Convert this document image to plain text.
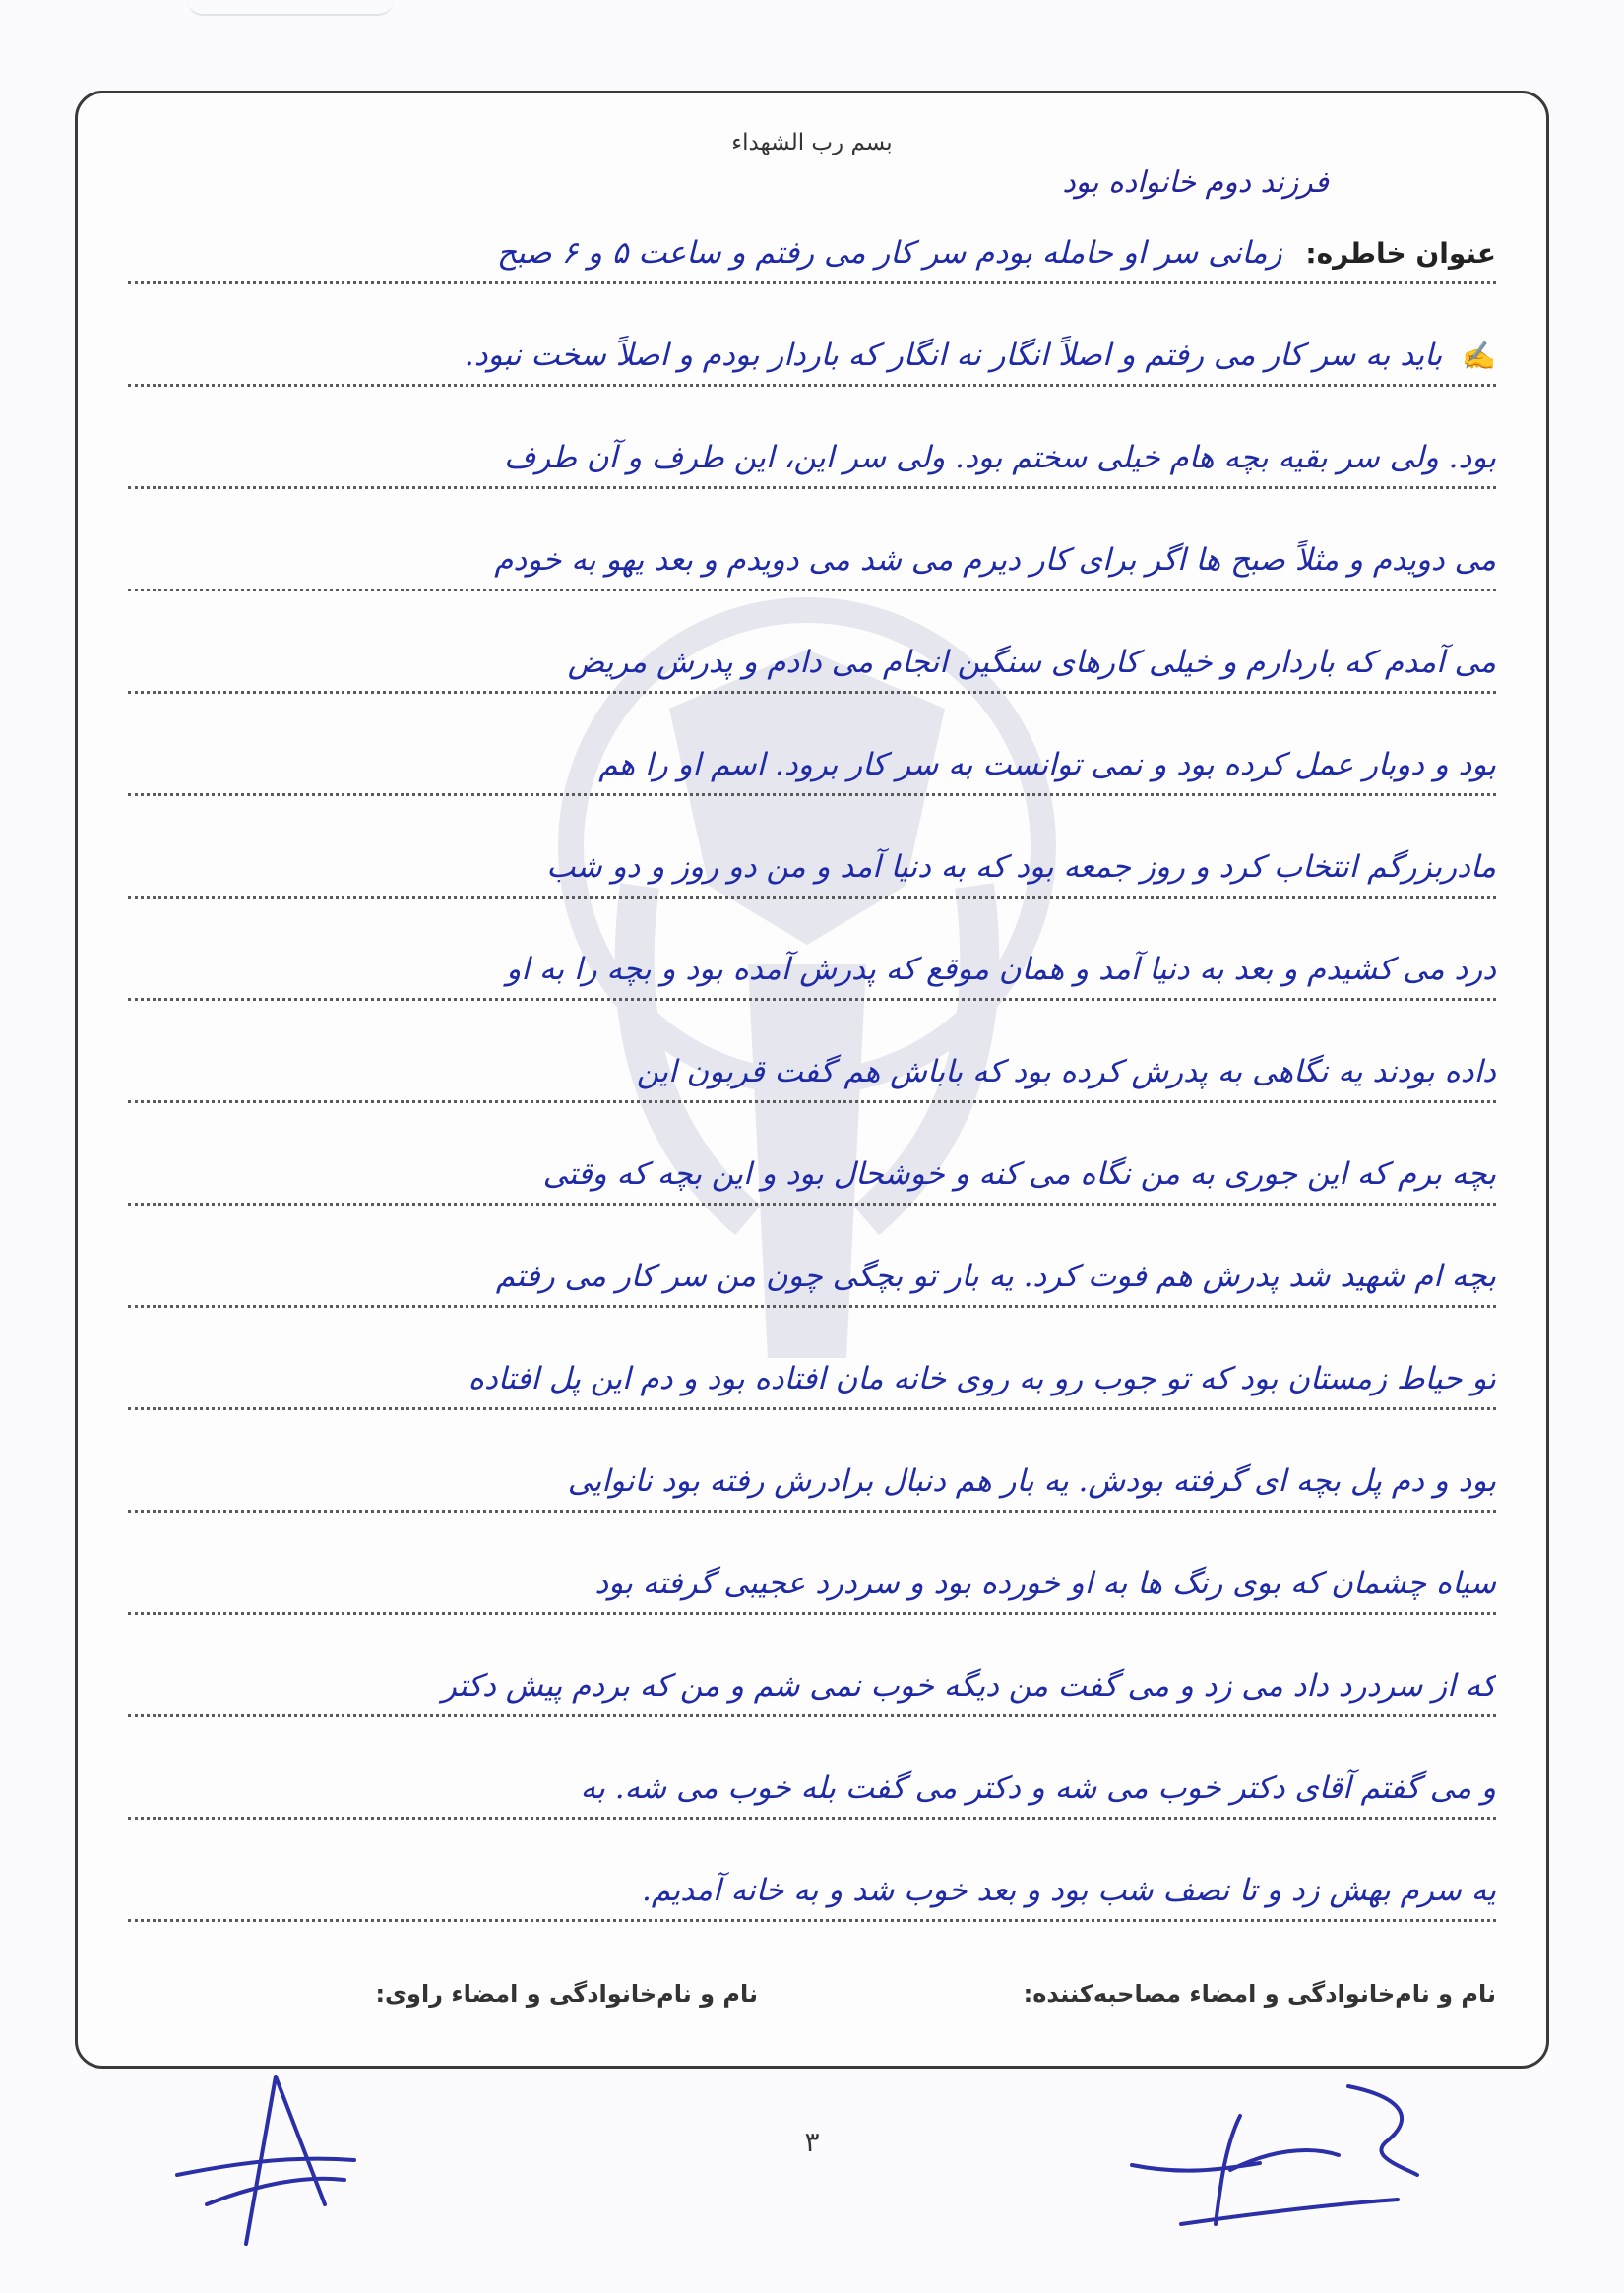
بسم رب الشهداء
فرزند دوم خانواده بود
عنوان خاطره: زمانی سر او حامله بودم سر کار می رفتم و ساعت ۵ و ۶ صبح
✍ باید به سر کار می رفتم و اصلاً انگار نه انگار که باردار بودم و اصلاً سخت نبود.
بود. ولی سر بقیه بچه هام خیلی سختم بود. ولی سر این، این طرف و آن طرف
می دویدم و مثلاً صبح ها اگر برای کار دیرم می شد می دویدم و بعد یهو به خودم
می آمدم که باردارم و خیلی کارهای سنگین انجام می دادم و پدرش مریض
بود و دوبار عمل کرده بود و نمی توانست به سر کار برود. اسم او را هم
مادربزرگم انتخاب کرد و روز جمعه بود که به دنیا آمد و من دو روز و دو شب
درد می کشیدم و بعد به دنیا آمد و همان موقع که پدرش آمده بود و بچه را به او
داده بودند یه نگاهی به پدرش کرده بود که باباش هم گفت قربون این
بچه برم که این جوری به من نگاه می کنه و خوشحال بود و این بچه که وقتی
بچه ام شهید شد پدرش هم فوت کرد. یه بار تو بچگی چون من سر کار می رفتم
تو حیاط زمستان بود که تو جوب رو به روی خانه مان افتاده بود و دم این پل افتاده
بود و دم پل بچه ای گرفته بودش. یه بار هم دنبال برادرش رفته بود نانوایی
سیاه چشمان که بوی رنگ ها به او خورده بود و سردرد عجیبی گرفته بود
که از سردرد داد می زد و می گفت من دیگه خوب نمی شم و من که بردم پیش دکتر
و می گفتم آقای دکتر خوب می شه و دکتر می گفت بله خوب می شه. به
یه سرم بهش زد و تا نصف شب بود و بعد خوب شد و به خانه آمدیم.
نام و نام‌خانوادگی و امضاء مصاحبه‌کننده:
نام و نام‌خانوادگی و امضاء راوی:
۳
